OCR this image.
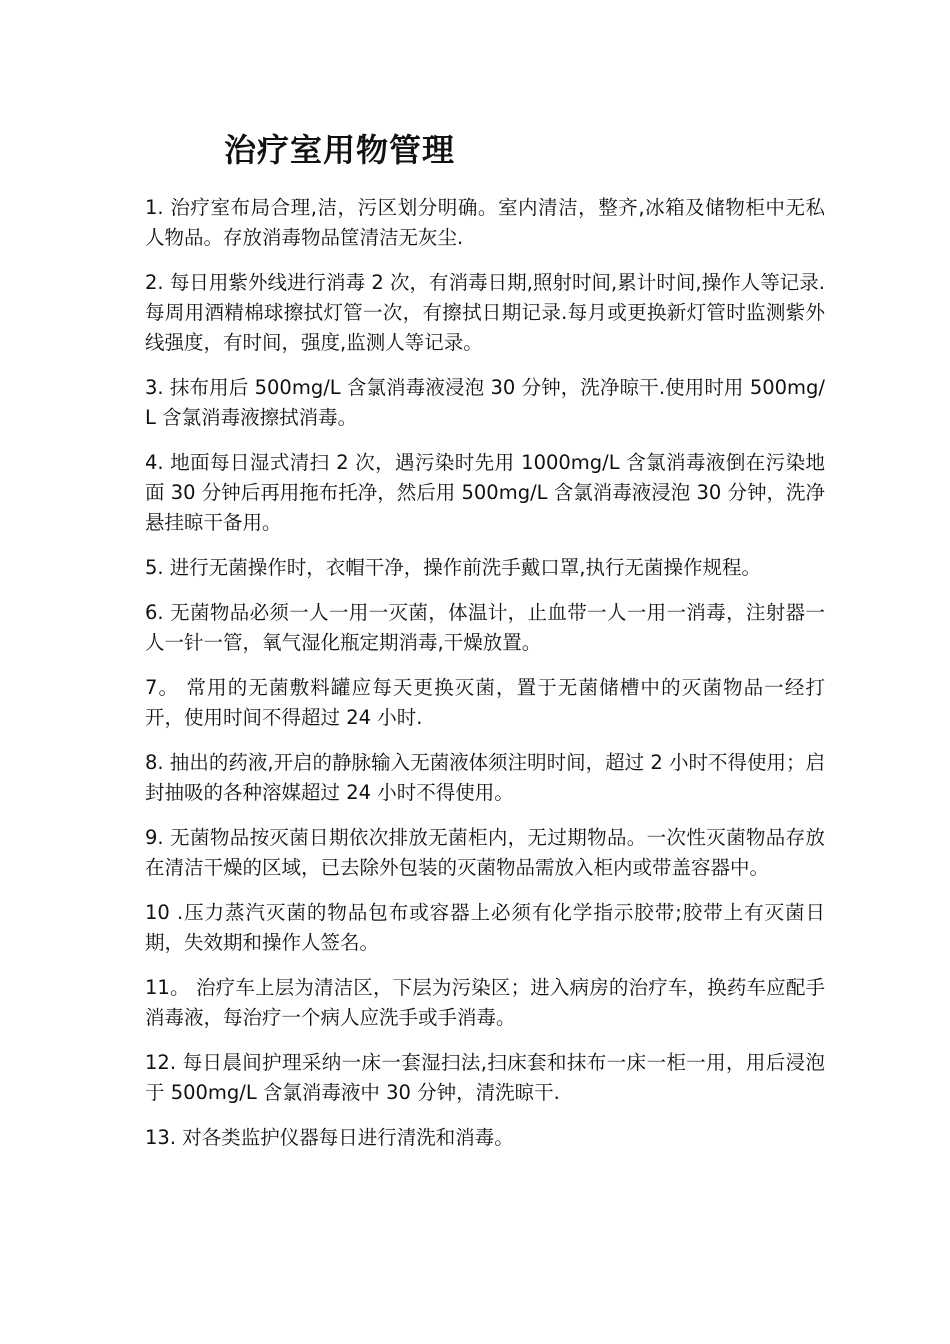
治疗室用物管理

1. 治疗室布局合理,洁，污区划分明确。室内清洁，整齐,冰箱及储物柜中无私人物品。存放消毒物品筐清洁无灰尘.

2. 每日用紫外线进行消毒 2 次，有消毒日期,照射时间,累计时间,操作人等记录.每周用酒精棉球擦拭灯管一次，有擦拭日期记录.每月或更换新灯管时监测紫外线强度，有时间，强度,监测人等记录。

3. 抹布用后 500mg/L 含氯消毒液浸泡 30 分钟，洗净晾干.使用时用 500mg/L 含氯消毒液擦拭消毒。

4. 地面每日湿式清扫 2 次，遇污染时先用 1000mg/L 含氯消毒液倒在污染地面 30 分钟后再用拖布托净，然后用 500mg/L 含氯消毒液浸泡 30 分钟，洗净悬挂晾干备用。

5. 进行无菌操作时，衣帽干净，操作前洗手戴口罩,执行无菌操作规程。

6. 无菌物品必须一人一用一灭菌，体温计，止血带一人一用一消毒，注射器一人一针一管，氧气湿化瓶定期消毒,干燥放置。

7。 常用的无菌敷料罐应每天更换灭菌，置于无菌储槽中的灭菌物品一经打开，使用时间不得超过 24 小时.

8. 抽出的药液,开启的静脉输入无菌液体须注明时间，超过 2 小时不得使用；启封抽吸的各种溶媒超过 24 小时不得使用。

9. 无菌物品按灭菌日期依次排放无菌柜内，无过期物品。一次性灭菌物品存放在清洁干燥的区域，已去除外包装的灭菌物品需放入柜内或带盖容器中。

10 .压力蒸汽灭菌的物品包布或容器上必须有化学指示胶带;胶带上有灭菌日期，失效期和操作人签名。

11。 治疗车上层为清洁区，下层为污染区；进入病房的治疗车，换药车应配手消毒液，每治疗一个病人应洗手或手消毒。

12. 每日晨间护理采纳一床一套湿扫法,扫床套和抹布一床一柜一用，用后浸泡于 500mg/L 含氯消毒液中 30 分钟，清洗晾干.

13. 对各类监护仪器每日进行清洗和消毒。
